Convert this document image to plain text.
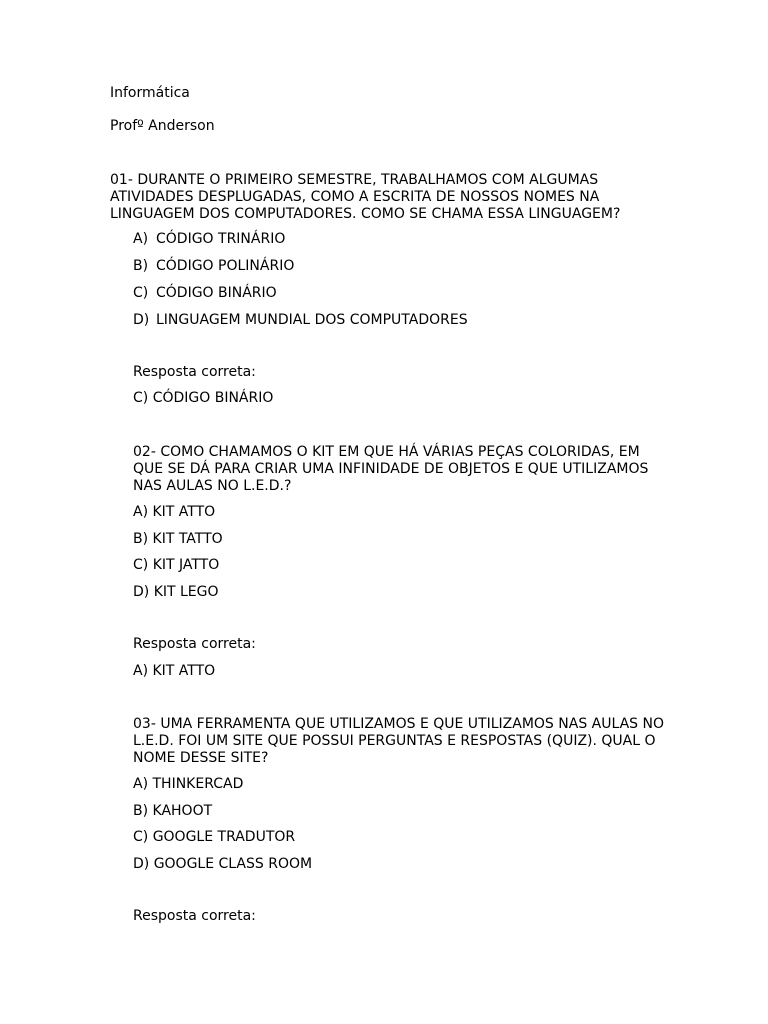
Informática
Profº Anderson
01- DURANTE O PRIMEIRO SEMESTRE, TRABALHAMOS COM ALGUMAS ATIVIDADES DESPLUGADAS, COMO A ESCRITA DE NOSSOS NOMES NA LINGUAGEM DOS COMPUTADORES. COMO SE CHAMA ESSA LINGUAGEM?
A) CÓDIGO TRINÁRIO
B) CÓDIGO POLINÁRIO
C) CÓDIGO BINÁRIO
D) LINGUAGEM MUNDIAL DOS COMPUTADORES
Resposta correta:
C) CÓDIGO BINÁRIO
02- COMO CHAMAMOS O KIT EM QUE HÁ VÁRIAS PEÇAS COLORIDAS, EM QUE SE DÁ PARA CRIAR UMA INFINIDADE DE OBJETOS E QUE UTILIZAMOS NAS AULAS NO L.E.D.?
A) KIT ATTO
B) KIT TATTO
C) KIT JATTO
D) KIT LEGO
Resposta correta:
A) KIT ATTO
03- UMA FERRAMENTA QUE UTILIZAMOS E QUE UTILIZAMOS NAS AULAS NO L.E.D. FOI UM SITE QUE POSSUI PERGUNTAS E RESPOSTAS (QUIZ). QUAL O NOME DESSE SITE?
A) THINKERCAD
B) KAHOOT
C) GOOGLE TRADUTOR
D) GOOGLE CLASS ROOM
Resposta correta:
